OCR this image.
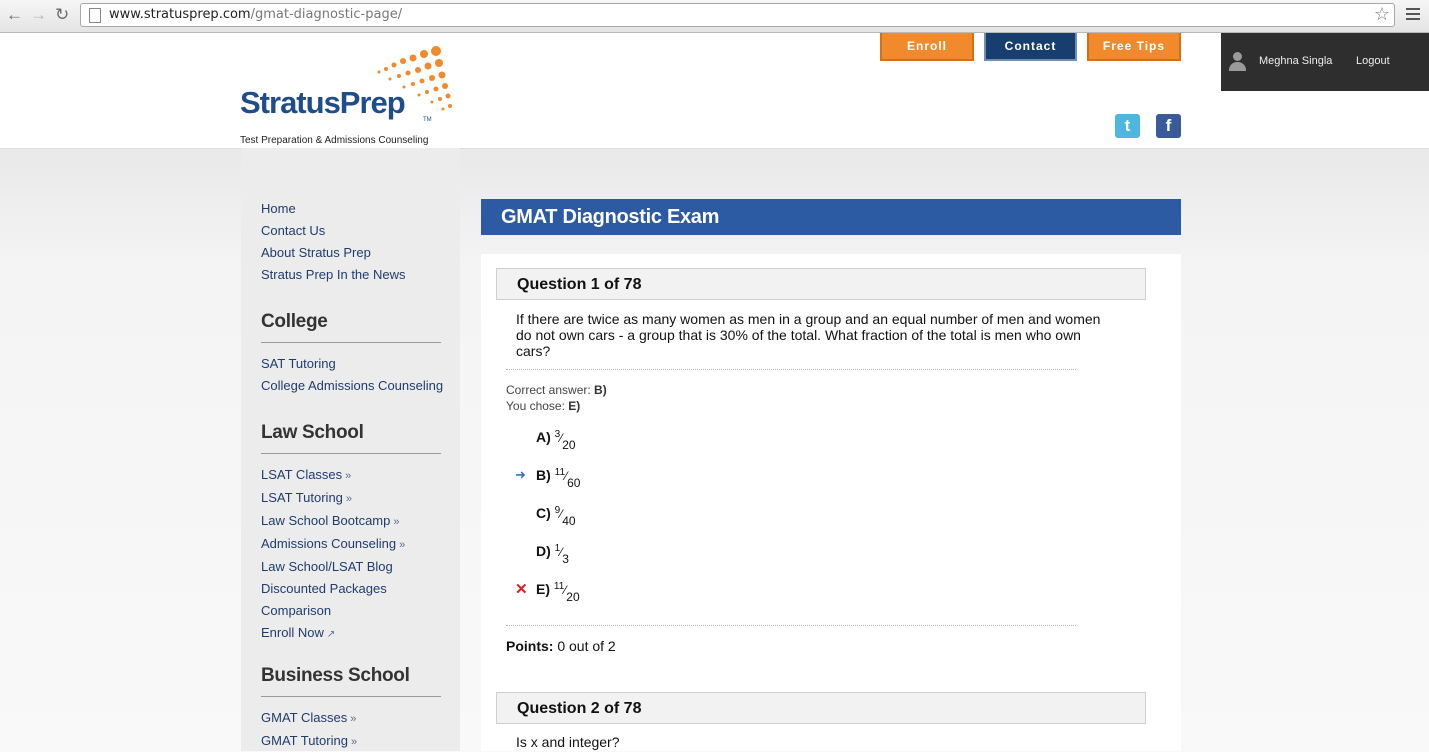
← → ↻	www.stratusprep.com/gmat-diagnostic-page/	☆
StratusPrep	TM
Test Preparation & Admissions Counseling
Enroll	Contact	Free Tips
Meghna Singla Logout
t	f
Home
Contact Us
About Stratus Prep
Stratus Prep In the News
College
SAT Tutoring
College Admissions Counseling
Law School
LSAT Classes »
LSAT Tutoring »
Law School Bootcamp »
Admissions Counseling »
Law School/LSAT Blog
Discounted Packages
Comparison
Enroll Now ↗
Business School
GMAT Classes »
GMAT Tutoring »
GMAT Diagnostic Exam
Question 1 of 78
If there are twice as many women as men in a group and an equal number of men and women do not own cars - a group that is 30% of the total. What fraction of the total is men who own cars?
Correct answer: B)
You chose: E)
A) $^3⁄_{20}$
➜ B) $^{11}⁄_{60}$
C) $^9⁄_{40}$
D) $^1⁄_3$
✕ E) $^{11}⁄_{20}$
Points: 0 out of 2
Question 2 of 78
Is x and integer?
